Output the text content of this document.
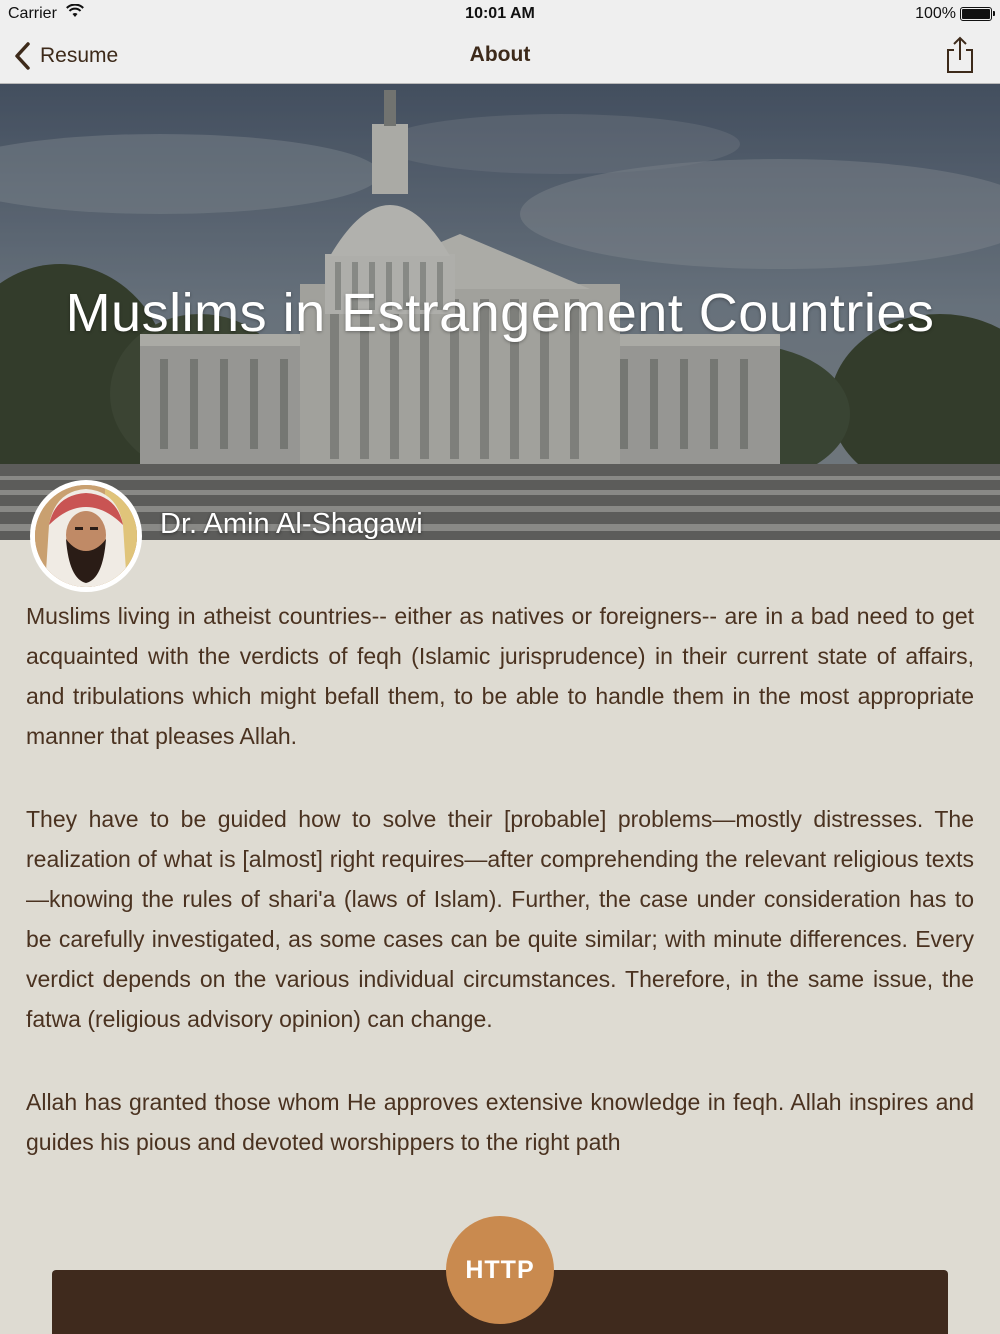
Carrier	10:01 AM	100%
Resume	About
Muslims in Estrangement Countries
Dr. Amin Al-Shagawi

Muslims living in atheist countries-- either as natives or foreigners-- are in a bad need to get acquainted with the verdicts of feqh (Islamic jurisprudence) in their current state of affairs, and tribulations which might befall them, to be able to handle them in the most appropriate manner that pleases Allah.

They have to be guided how to solve their [probable] problems—mostly distresses. The realization of what is [almost] right requires—after comprehending the relevant religious texts—knowing the rules of shari'a (laws of Islam). Further, the case under consideration has to be carefully investigated, as some cases can be quite similar; with minute differences. Every verdict depends on the various individual circumstances. Therefore, in the same issue, the fatwa (religious advisory opinion) can change.

Allah has granted those whom He approves extensive knowledge in feqh. Allah inspires and guides his pious and devoted worshippers to the right path

HTTP
